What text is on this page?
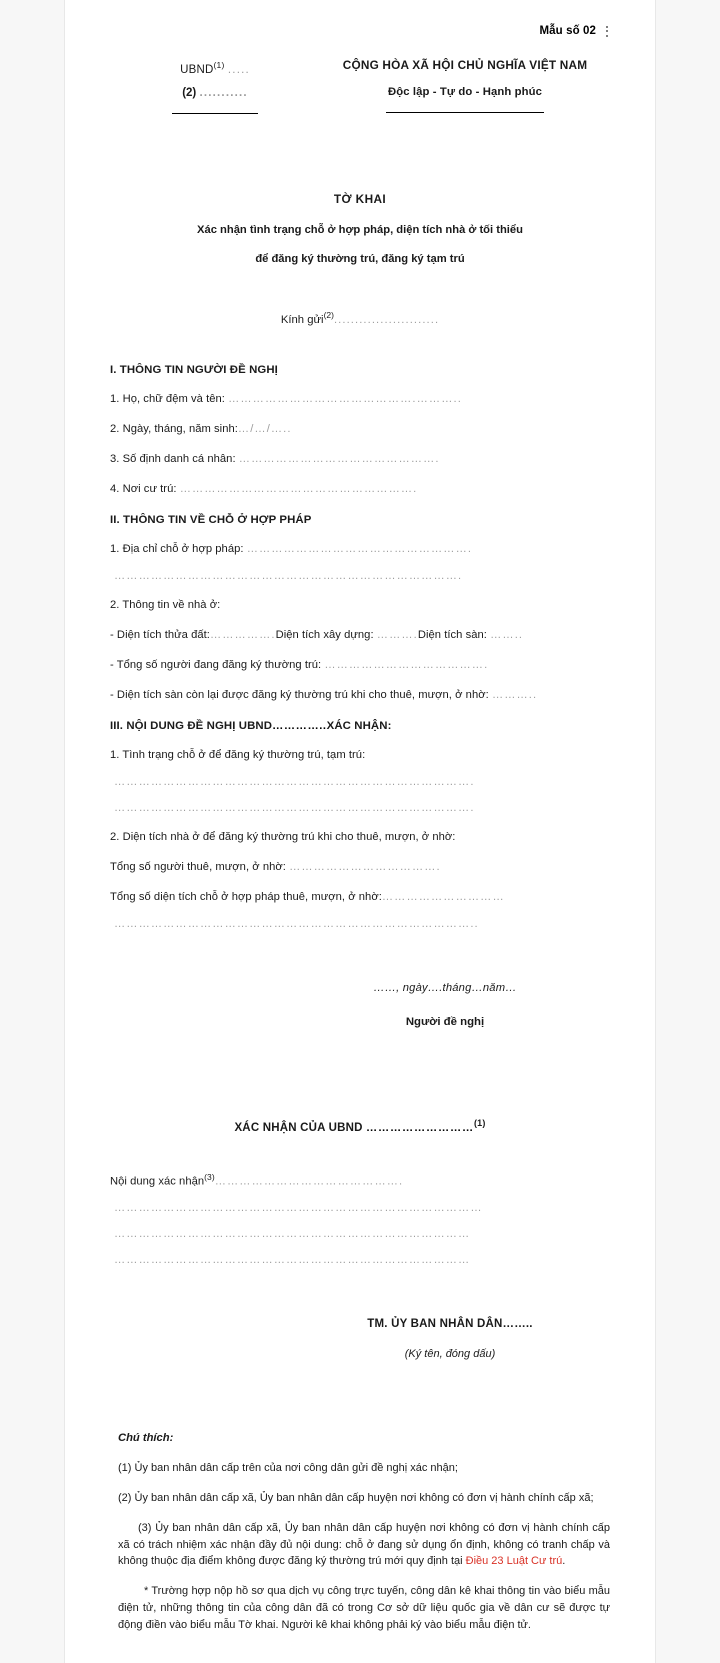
Mẫu số 02
UBND$^{(1)}$ .....
(2) ...........
CỘNG HÒA XÃ HỘI CHỦ NGHĨA VIỆT NAM
Độc lập - Tự do - Hạnh phúc
TỜ KHAI
Xác nhận tình trạng chỗ ở hợp pháp, diện tích nhà ở tối thiểu
để đăng ký thường trú, đăng ký tạm trú
Kính gửi$^{(2)}$.........................
I. THÔNG TIN NGƯỜI ĐỀ NGHỊ
1. Họ, chữ đệm và tên: ……………………………………….………..
2. Ngày, tháng, năm sinh:…/…/…..
3. Số định danh cá nhân: ………………………………………….
4. Nơi cư trú: ………………………………………………….
II. THÔNG TIN VỀ CHỖ Ở HỢP PHÁP
1. Địa chỉ chỗ ở hợp pháp: ……………………………………………….
………………………………………………………………………….
2. Thông tin về nhà ở:
- Diện tích thửa đất:…………….Diện tích xây dựng: ……….Diện tích sàn: ……..
- Tổng số người đang đăng ký thường trú: ………………………………….
- Diện tích sàn còn lại được đăng ký thường trú khi cho thuê, mượn, ở nhờ: ………..
III. NỘI DUNG ĐỀ NGHỊ UBND…………..XÁC NHẬN:
1. Tình trạng chỗ ở để đăng ký thường trú, tạm trú:
…………………………………………………………………………….
…………………………………………………………………………….
2. Diện tích nhà ở để đăng ký thường trú khi cho thuê, mượn, ở nhờ:
Tổng số người thuê, mượn, ở nhờ: ……………………………….
Tổng số diện tích chỗ ở hợp pháp thuê, mượn, ở nhờ:…………………………
……………………………………………………………………………..
……, ngày….tháng…năm…
Người đề nghị
XÁC NHẬN CỦA UBND ………………………$^{(1)}$
Nội dung xác nhận$^{(3)}$……………………………………….
………………………………………………………………………………
……………………………………………………………………………
……………………………………………………………………………
TM. ỦY BAN NHÂN DÂN……..
(Ký tên, đóng dấu)
Chú thích:
(1) Ủy ban nhân dân cấp trên của nơi công dân gửi đề nghị xác nhận;
(2) Ủy ban nhân dân cấp xã, Ủy ban nhân dân cấp huyện nơi không có đơn vị hành chính cấp xã;
(3) Ủy ban nhân dân cấp xã, Ủy ban nhân dân cấp huyện nơi không có đơn vị hành chính cấp xã có trách nhiệm xác nhận đầy đủ nội dung: chỗ ở đang sử dụng ổn định, không có tranh chấp và không thuộc địa điểm không được đăng ký thường trú mới quy định tại Điều 23 Luật Cư trú.
* Trường hợp nộp hồ sơ qua dịch vụ công trực tuyến, công dân kê khai thông tin vào biểu mẫu điện tử, những thông tin của công dân đã có trong Cơ sở dữ liệu quốc gia về dân cư sẽ được tự động điền vào biểu mẫu Tờ khai. Người kê khai không phải ký vào biểu mẫu điện tử.
